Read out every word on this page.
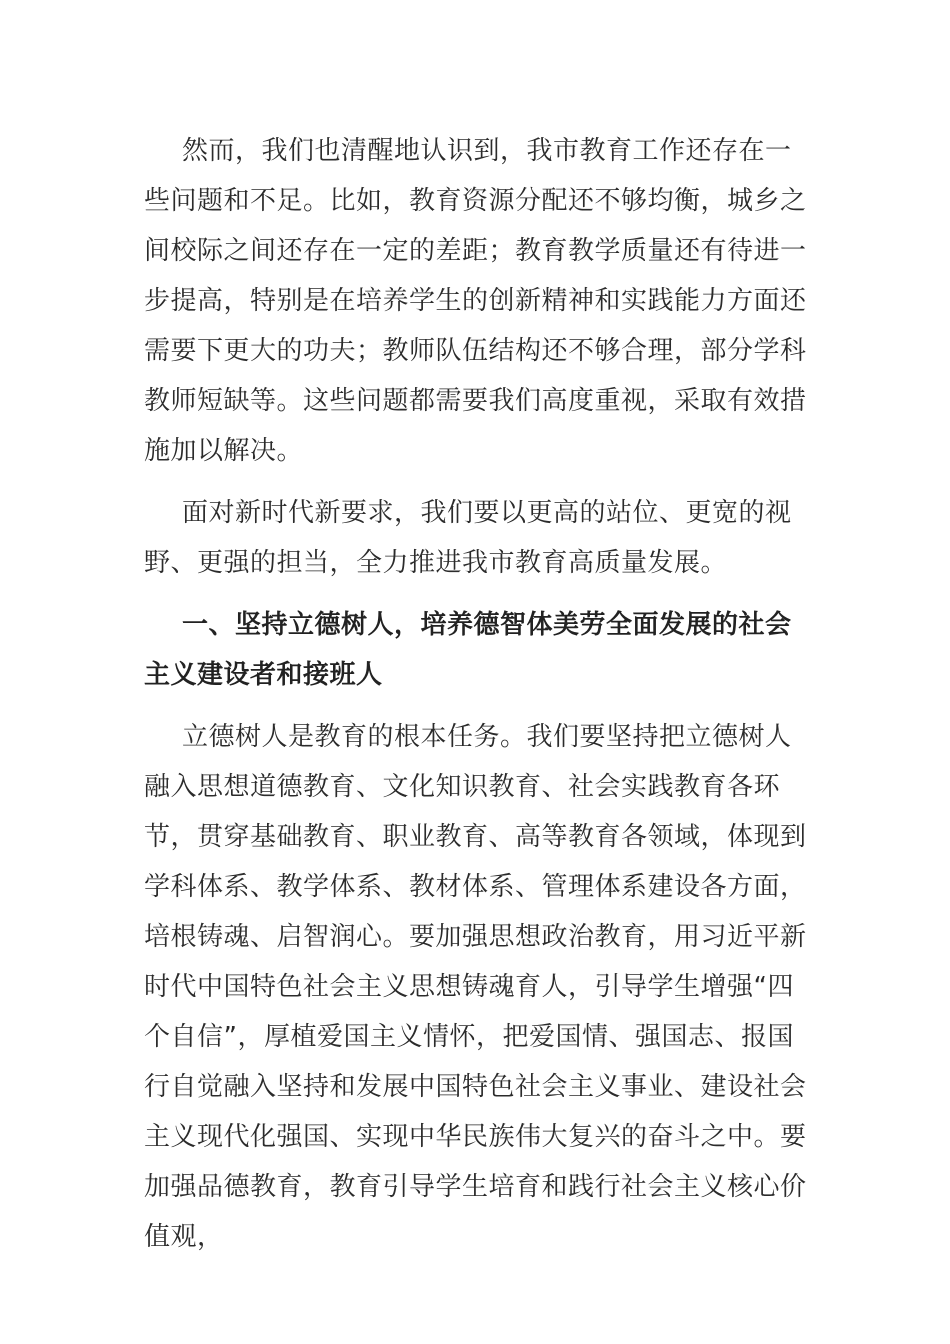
然而，我们也清醒地认识到，我市教育工作还存在一些问题和不足。比如，教育资源分配还不够均衡，城乡之间校际之间还存在一定的差距；教育教学质量还有待进一步提高，特别是在培养学生的创新精神和实践能力方面还需要下更大的功夫；教师队伍结构还不够合理，部分学科教师短缺等。这些问题都需要我们高度重视，采取有效措施加以解决。

面对新时代新要求，我们要以更高的站位、更宽的视野、更强的担当，全力推进我市教育高质量发展。

一、坚持立德树人，培养德智体美劳全面发展的社会主义建设者和接班人

立德树人是教育的根本任务。我们要坚持把立德树人融入思想道德教育、文化知识教育、社会实践教育各环节，贯穿基础教育、职业教育、高等教育各领域，体现到学科体系、教学体系、教材体系、管理体系建设各方面，培根铸魂、启智润心。要加强思想政治教育，用习近平新时代中国特色社会主义思想铸魂育人，引导学生增强“四个自信”，厚植爱国主义情怀，把爱国情、强国志、报国行自觉融入坚持和发展中国特色社会主义事业、建设社会主义现代化强国、实现中华民族伟大复兴的奋斗之中。要加强品德教育，教育引导学生培育和践行社会主义核心价值观，
